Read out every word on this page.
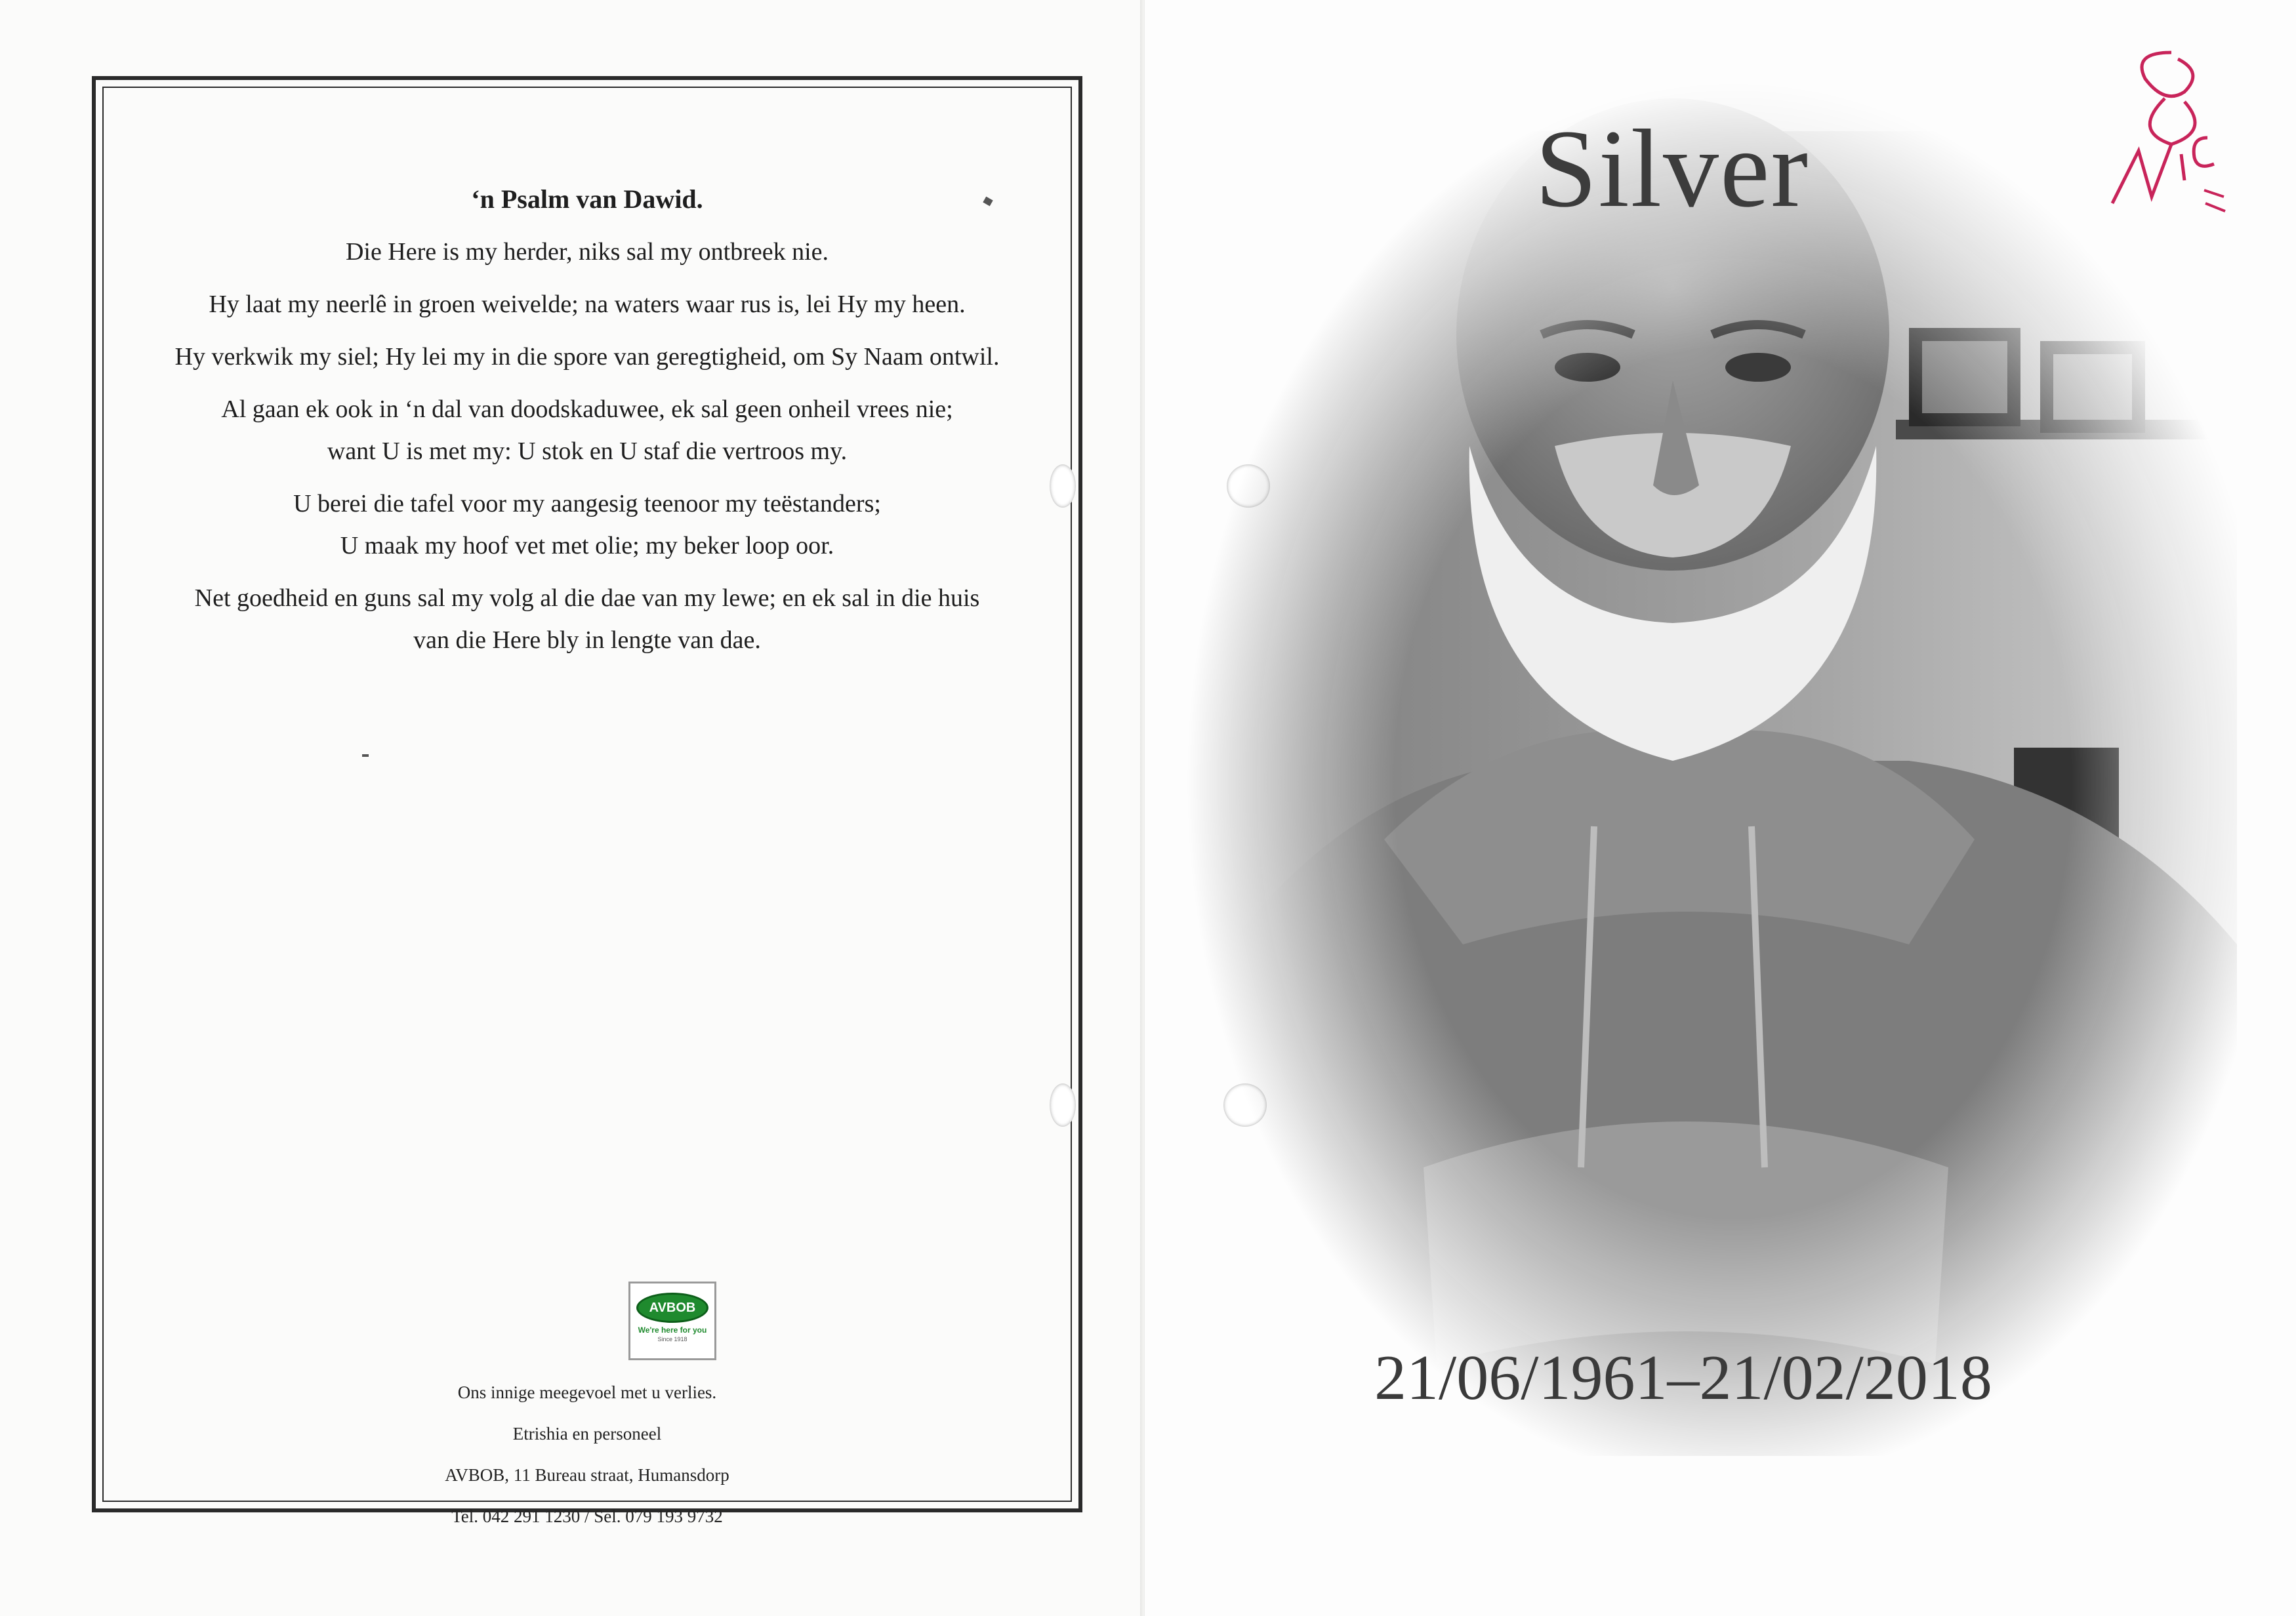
‘n Psalm van Dawid.

Die Here is my herder, niks sal my ontbreek nie.

Hy laat my neerlê in groen weivelde; na waters waar rus is, lei Hy my heen.

Hy verkwik my siel; Hy lei my in die spore van geregtigheid, om Sy Naam ontwil.

Al gaan ek ook in ‘n dal van doodskaduwee, ek sal geen onheil vrees nie;
want U is met my: U stok en U staf die vertroos my.

U berei die tafel voor my aangesig teenoor my teëstanders;
U maak my hoof vet met olie; my beker loop oor.

Net goedheid en guns sal my volg al die dae van my lewe; en ek sal in die huis
van die Here bly in lengte van dae.

AVBOB
We're here for you
Since 1918
Ons innige meegevoel met u verlies.
Etrishia en personeel
AVBOB, 11 Bureau straat, Humansdorp
Tel. 042 291 1230 / Sel. 079 193 9732
Silver
21/06/1961–21/02/2018
